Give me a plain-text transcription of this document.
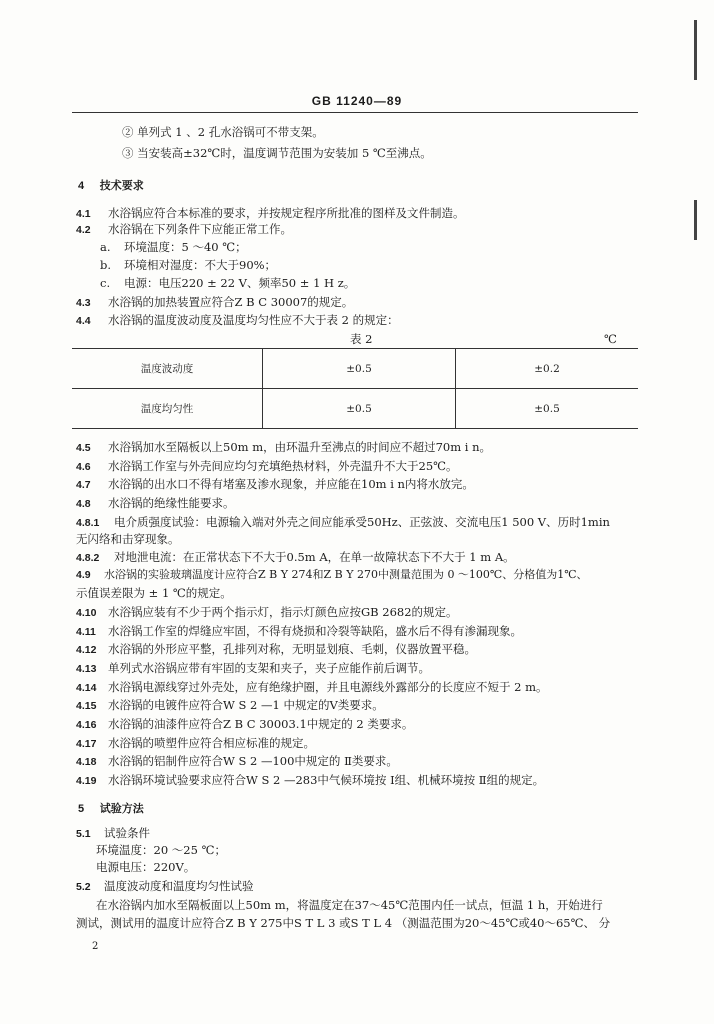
GB 11240—89
② 单列式 1 、2 孔水浴锅可不带支架。
③ 当安装高±32℃时，温度调节范围为安装加 5 ℃至沸点。
4 技术要求
4.1 水浴锅应符合本标准的要求，并按规定程序所批准的图样及文件制造。
4.2 水浴锅在下列条件下应能正常工作。
a. 环境温度：5 ～40 ℃；
b. 环境相对湿度：不大于90%；
c. 电源：电压220 ± 22 V、频率50 ± 1 H z。
4.3 水浴锅的加热装置应符合Z B C 30007的规定。
4.4 水浴锅的温度波动度及温度均匀性应不大于表 2 的规定：
表 2	℃
温度波动度	±0.5	±0.2
温度均匀性	±0.5	±0.5
4.5 水浴锅加水至隔板以上50m m，由环温升至沸点的时间应不超过70m i n。
4.6 水浴锅工作室与外壳间应均匀充填绝热材料，外壳温升不大于25℃。
4.7 水浴锅的出水口不得有堵塞及渗水现象，并应能在10m i n内将水放完。
4.8 水浴锅的绝缘性能要求。
4.8.1 电介质强度试验：电源输入端对外壳之间应能承受50Hz、正弦波、交流电压1 500 V、历时1min
无闪络和击穿现象。
4.8.2 对地泄电流：在正常状态下不大于0.5m A，在单一故障状态下不大于 1 m A。
4.9 水浴锅的实验玻璃温度计应符合Z B Y 274和Z B Y 270中测量范围为 0 ～100℃、分格值为1℃、
示值误差限为 ± 1 ℃的规定。
4.10 水浴锅应装有不少于两个指示灯，指示灯颜色应按GB 2682的规定。
4.11 水浴锅工作室的焊缝应牢固，不得有烧损和冷裂等缺陷，盛水后不得有渗漏现象。
4.12 水浴锅的外形应平整，孔排列对称，无明显划痕、毛刺，仪器放置平稳。
4.13 单列式水浴锅应带有牢固的支架和夹子，夹子应能作前后调节。
4.14 水浴锅电源线穿过外壳处，应有绝缘护圈，并且电源线外露部分的长度应不短于 2 m。
4.15 水浴锅的电镀件应符合W S 2 —1 中规定的V类要求。
4.16 水浴锅的油漆件应符合Z B C 30003.1中规定的 2 类要求。
4.17 水浴锅的喷塑件应符合相应标准的规定。
4.18 水浴锅的铝制件应符合W S 2 —100中规定的 Ⅱ类要求。
4.19 水浴锅环境试验要求应符合W S 2 —283中气候环境按 Ⅰ组、机械环境按 Ⅱ组的规定。
5 试验方法
5.1 试验条件
环境温度：20 ～25 ℃；
电源电压：220V。
5.2 温度波动度和温度均匀性试验
在水浴锅内加水至隔板面以上50m m，将温度定在37～45℃范围内任一试点，恒温 1 h，开始进行
测试，测试用的温度计应符合Z B Y 275中S T L 3 或S T L 4 （测温范围为20～45℃或40～65℃、 分
2
